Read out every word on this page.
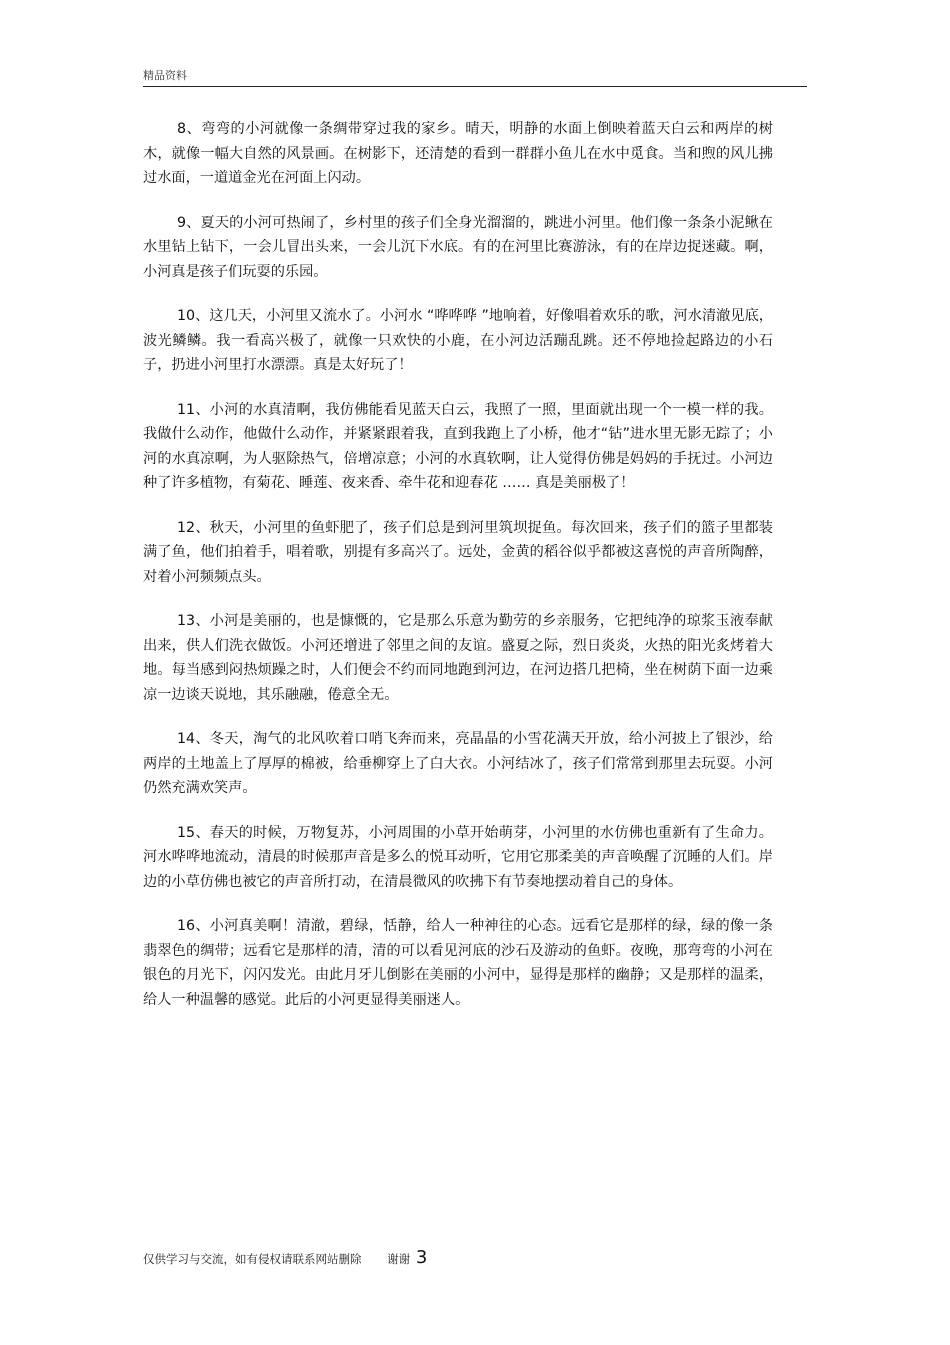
精品资料

8、弯弯的小河就像一条绸带穿过我的家乡。晴天，明静的水面上倒映着蓝天白云和两岸的树木，就像一幅大自然的风景画。在树影下，还清楚的看到一群群小鱼儿在水中觅食。当和煦的风儿拂过水面，一道道金光在河面上闪动。

9、夏天的小河可热闹了，乡村里的孩子们全身光溜溜的，跳进小河里。他们像一条条小泥鳅在水里钻上钻下，一会儿冒出头来，一会儿沉下水底。有的在河里比赛游泳，有的在岸边捉迷藏。啊，小河真是孩子们玩耍的乐园。

10、这几天，小河里又流水了。小河水 “哗哗哗 ”地响着，好像唱着欢乐的歌，河水清澈见底，波光鳞鳞。我一看高兴极了，就像一只欢快的小鹿，在小河边活蹦乱跳。还不停地捡起路边的小石子，扔进小河里打水漂漂。真是太好玩了！

11、小河的水真清啊，我仿佛能看见蓝天白云，我照了一照，里面就出现一个一模一样的我。我做什么动作，他做什么动作，并紧紧跟着我，直到我跑上了小桥，他才“钻”进水里无影无踪了；小河的水真凉啊，为人驱除热气，倍增凉意；小河的水真软啊，让人觉得仿佛是妈妈的手抚过。小河边种了许多植物，有菊花、睡莲、夜来香、牵牛花和迎春花 …… 真是美丽极了！

12、秋天，小河里的鱼虾肥了，孩子们总是到河里筑坝捉鱼。每次回来，孩子们的篮子里都装满了鱼，他们拍着手，唱着歌，别提有多高兴了。远处，金黄的稻谷似乎都被这喜悦的声音所陶醉，对着小河频频点头。

13、小河是美丽的，也是慷慨的，它是那么乐意为勤劳的乡亲服务，它把纯净的琼浆玉液奉献出来，供人们洗衣做饭。小河还增进了邻里之间的友谊。盛夏之际，烈日炎炎，火热的阳光炙烤着大地。每当感到闷热烦躁之时，人们便会不约而同地跑到河边，在河边搭几把椅，坐在树荫下面一边乘凉一边谈天说地，其乐融融，倦意全无。

14、冬天，淘气的北风吹着口哨飞奔而来，亮晶晶的小雪花满天开放，给小河披上了银沙，给两岸的土地盖上了厚厚的棉被，给垂柳穿上了白大衣。小河结冰了，孩子们常常到那里去玩耍。小河仍然充满欢笑声。

15、春天的时候，万物复苏，小河周围的小草开始萌芽，小河里的水仿佛也重新有了生命力。河水哗哗地流动，清晨的时候那声音是多么的悦耳动听，它用它那柔美的声音唤醒了沉睡的人们。岸边的小草仿佛也被它的声音所打动，在清晨微风的吹拂下有节奏地摆动着自己的身体。

16、小河真美啊！清澈，碧绿，恬静，给人一种神往的心态。远看它是那样的绿，绿的像一条翡翠色的绸带；远看它是那样的清，清的可以看见河底的沙石及游动的鱼虾。夜晚，那弯弯的小河在银色的月光下，闪闪发光。由此月牙儿倒影在美丽的小河中，显得是那样的幽静；又是那样的温柔，给人一种温馨的感觉。此后的小河更显得美丽迷人。

仅供学习与交流，如有侵权请联系网站删除 谢谢 3
